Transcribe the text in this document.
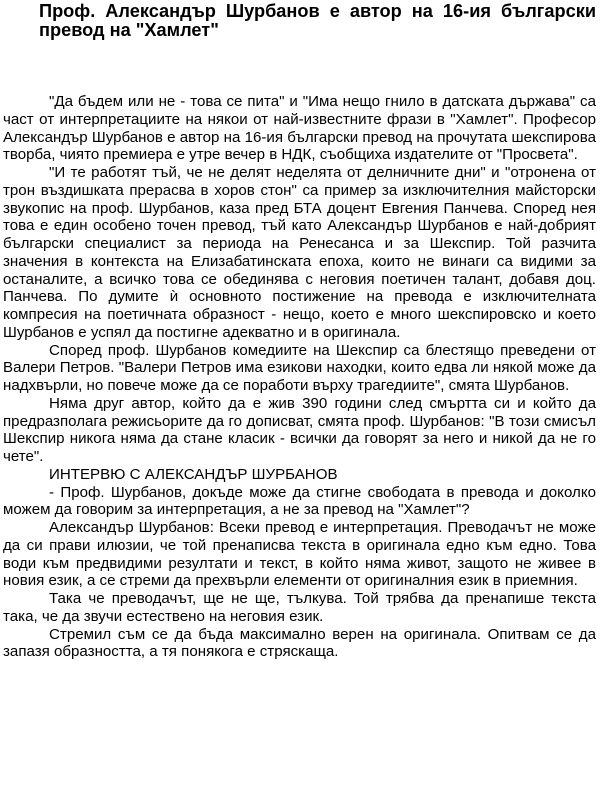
Проф. Александър Шурбанов е автор на 16-ия български превод на "Хамлет"

"Да бъдем или не - това се пита" и "Има нещо гнило в датската държава" са част от интерпретациите на някои от най-известните фрази в "Хамлет". Професор Александър Шурбанов е автор на 16-ия български превод на прочутата шекспирова творба, чиято премиера е утре вечер в НДК, съобщиха издателите от "Просвета".

"И те работят тъй, че не делят неделята от делничните дни" и "отронена от трон въздишката прерасва в хоров стон" са пример за изключителния майсторски звукопис на проф. Шурбанов, каза пред БТА доцент Евгения Панчева. Според нея това е един особено точен превод, тъй като Александър Шурбанов е най-добрият български специалист за периода на Ренесанса и за Шекспир. Той разчита значения в контекста на Елизабатинската епоха, които не винаги са видими за останалите, а всичко това се обединява с неговия поетичен талант, добавя доц. Панчева. По думите ѝ основното постижение на превода е изключителната компресия на поетичната образност - нещо, което е много шекспировско и което Шурбанов е успял да постигне адекватно и в оригинала.

Според проф. Шурбанов комедиите на Шекспир са блестящо преведени от Валери Петров. "Валери Петров има езикови находки, които едва ли някой може да надхвърли, но повече може да се поработи върху трагедиите", смята Шурбанов.

Няма друг автор, който да е жив 390 години след смъртта си и който да предразполага режисьорите да го дописват, смята проф. Шурбанов: "В този смисъл Шекспир никога няма да стане класик - всички да говорят за него и никой да не го чете".

ИНТЕРВЮ С АЛЕКСАНДЪР ШУРБАНОВ

- Проф. Шурбанов, докъде може да стигне свободата в превода и доколко можем да говорим за интерпретация, а не за превод на "Хамлет"?

Александър Шурбанов: Всеки превод е интерпретация. Преводачът не може да си прави илюзии, че той пренаписва текста в оригинала едно към едно. Това води към предвидими резултати и текст, в който няма живот, защото не живее в новия език, а се стреми да прехвърли елементи от оригиналния език в приемния.

Така че преводачът, ще не ще, тълкува. Той трябва да пренапише текста така, че да звучи естествено на неговия език.

Стремил съм се да бъда максимално верен на оригинала. Опитвам се да запазя образността, а тя понякога е стряскаща.
